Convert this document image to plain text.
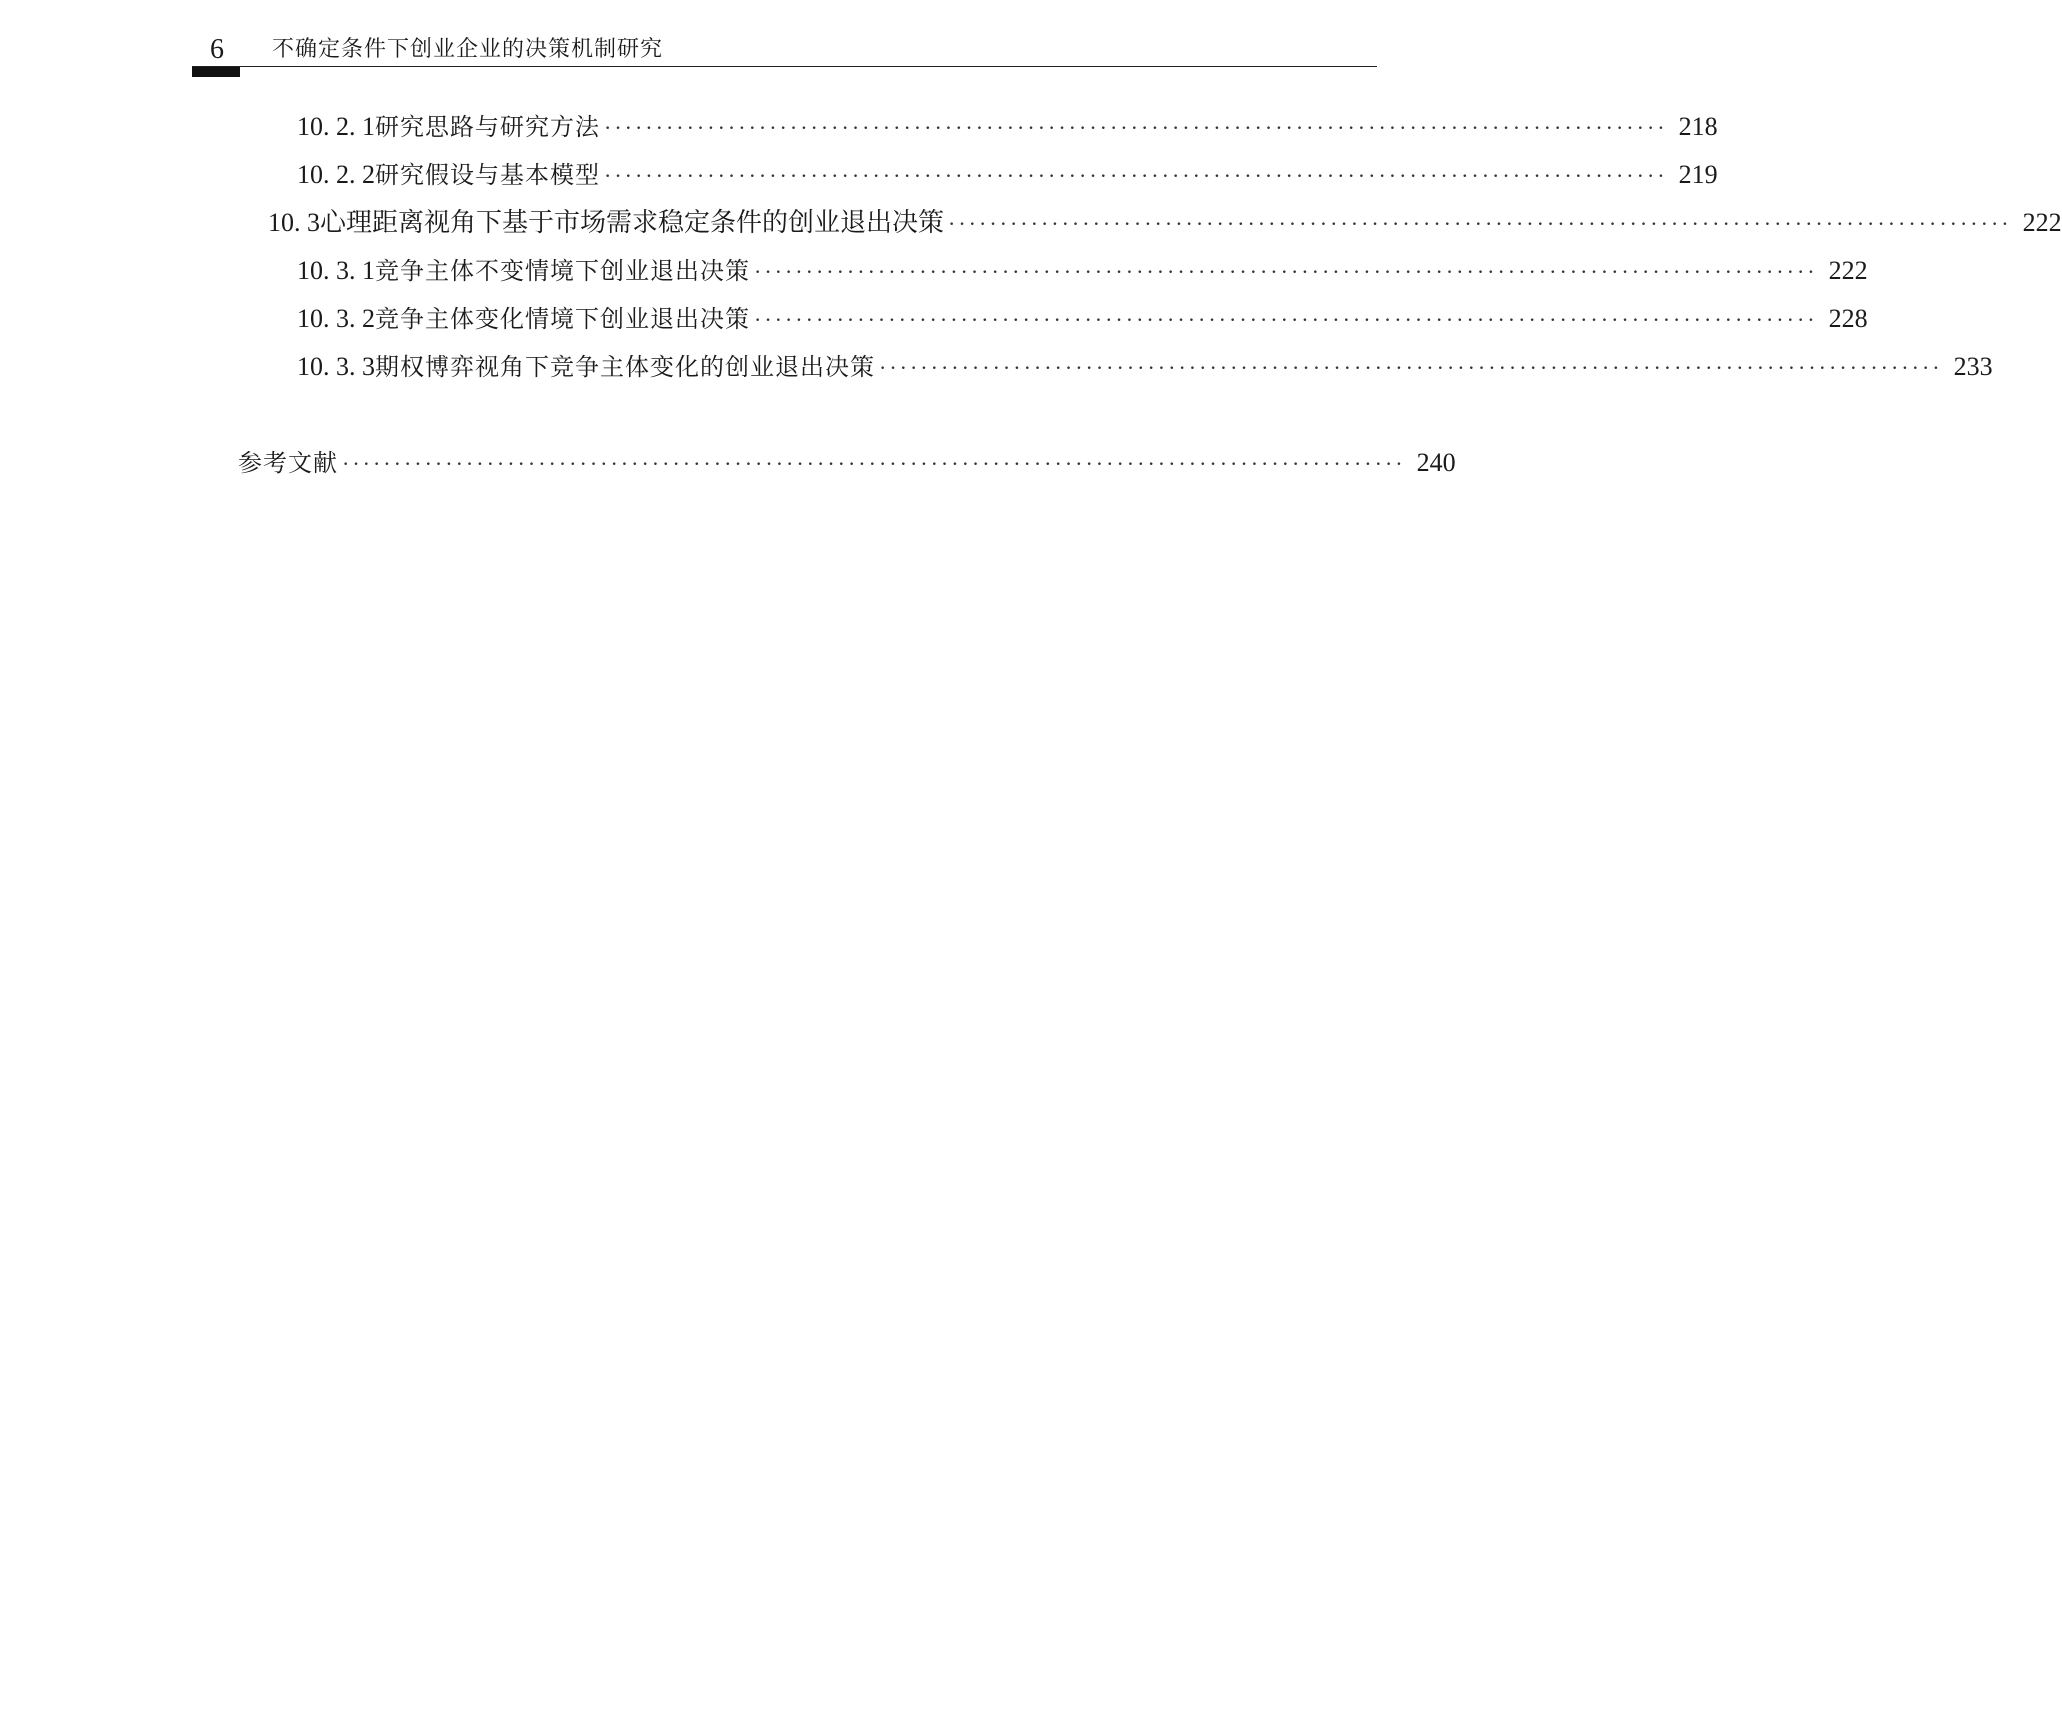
6 不确定条件下创业企业的决策机制研究
10. 2. 1 研究思路与研究方法 ······································································································· 218
10. 2. 2 研究假设与基本模型 ······································································································· 219
10. 3 心理距离视角下基于市场需求稳定条件的创业退出决策 ······································································································· 222
10. 3. 1 竞争主体不变情境下创业退出决策 ······································································································· 222
10. 3. 2 竞争主体变化情境下创业退出决策 ······································································································· 228
10. 3. 3 期权博弈视角下竞争主体变化的创业退出决策 ······································································································· 233
参考文献 ······································································································· 240
